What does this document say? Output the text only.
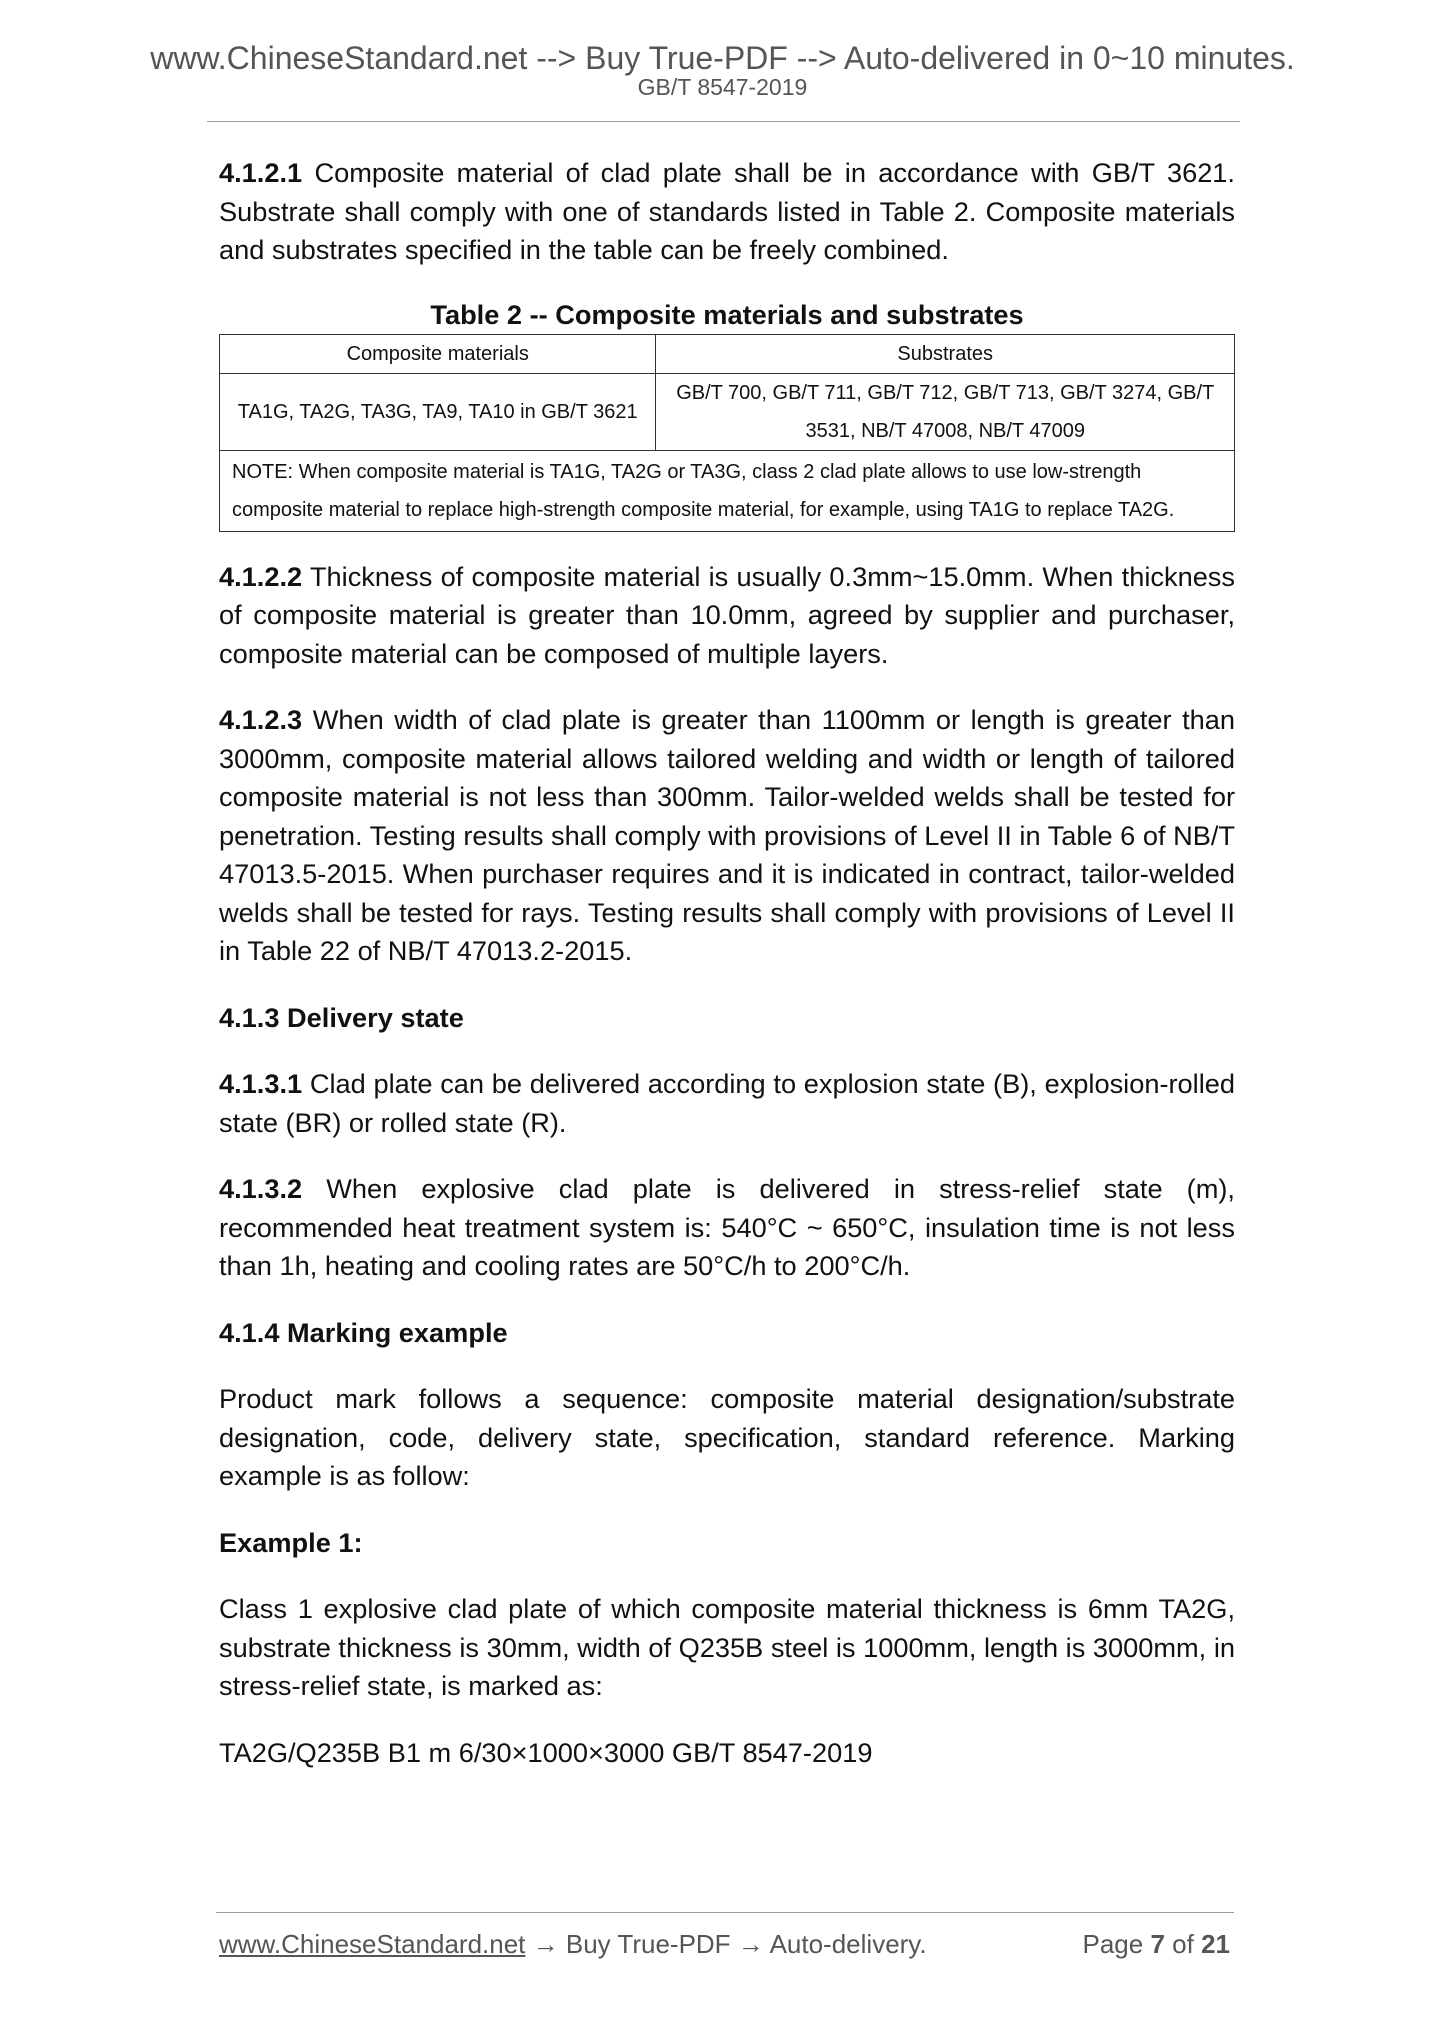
www.ChineseStandard.net --> Buy True-PDF --> Auto-delivered in 0~10 minutes.
GB/T 8547-2019

4.1.2.1 Composite material of clad plate shall be in accordance with GB/T 3621. Substrate shall comply with one of standards listed in Table 2. Composite materials and substrates specified in the table can be freely combined.

Table 2 -- Composite materials and substrates
Composite materials	Substrates
TA1G, TA2G, TA3G, TA9, TA10 in GB/T 3621	GB/T 700, GB/T 711, GB/T 712, GB/T 713, GB/T 3274, GB/T 3531, NB/T 47008, NB/T 47009
NOTE: When composite material is TA1G, TA2G or TA3G, class 2 clad plate allows to use low-strength composite material to replace high-strength composite material, for example, using TA1G to replace TA2G.	

4.1.2.2 Thickness of composite material is usually 0.3mm~15.0mm. When thickness of composite material is greater than 10.0mm, agreed by supplier and purchaser, composite material can be composed of multiple layers.

4.1.2.3 When width of clad plate is greater than 1100mm or length is greater than 3000mm, composite material allows tailored welding and width or length of tailored composite material is not less than 300mm. Tailor-welded welds shall be tested for penetration. Testing results shall comply with provisions of Level II in Table 6 of NB/T 47013.5-2015. When purchaser requires and it is indicated in contract, tailor-welded welds shall be tested for rays. Testing results shall comply with provisions of Level II in Table 22 of NB/T 47013.2-2015.

4.1.3 Delivery state

4.1.3.1 Clad plate can be delivered according to explosion state (B), explosion-rolled state (BR) or rolled state (R).

4.1.3.2 When explosive clad plate is delivered in stress-relief state (m), recommended heat treatment system is: 540°C ~ 650°C, insulation time is not less than 1h, heating and cooling rates are 50°C/h to 200°C/h.

4.1.4 Marking example

Product mark follows a sequence: composite material designation/substrate designation, code, delivery state, specification, standard reference. Marking example is as follow:

Example 1:

Class 1 explosive clad plate of which composite material thickness is 6mm TA2G, substrate thickness is 30mm, width of Q235B steel is 1000mm, length is 3000mm, in stress-relief state, is marked as:

TA2G/Q235B B1 m 6/30×1000×3000 GB/T 8547-2019

www.ChineseStandard.net → Buy True-PDF → Auto-delivery.	Page 7 of 21
